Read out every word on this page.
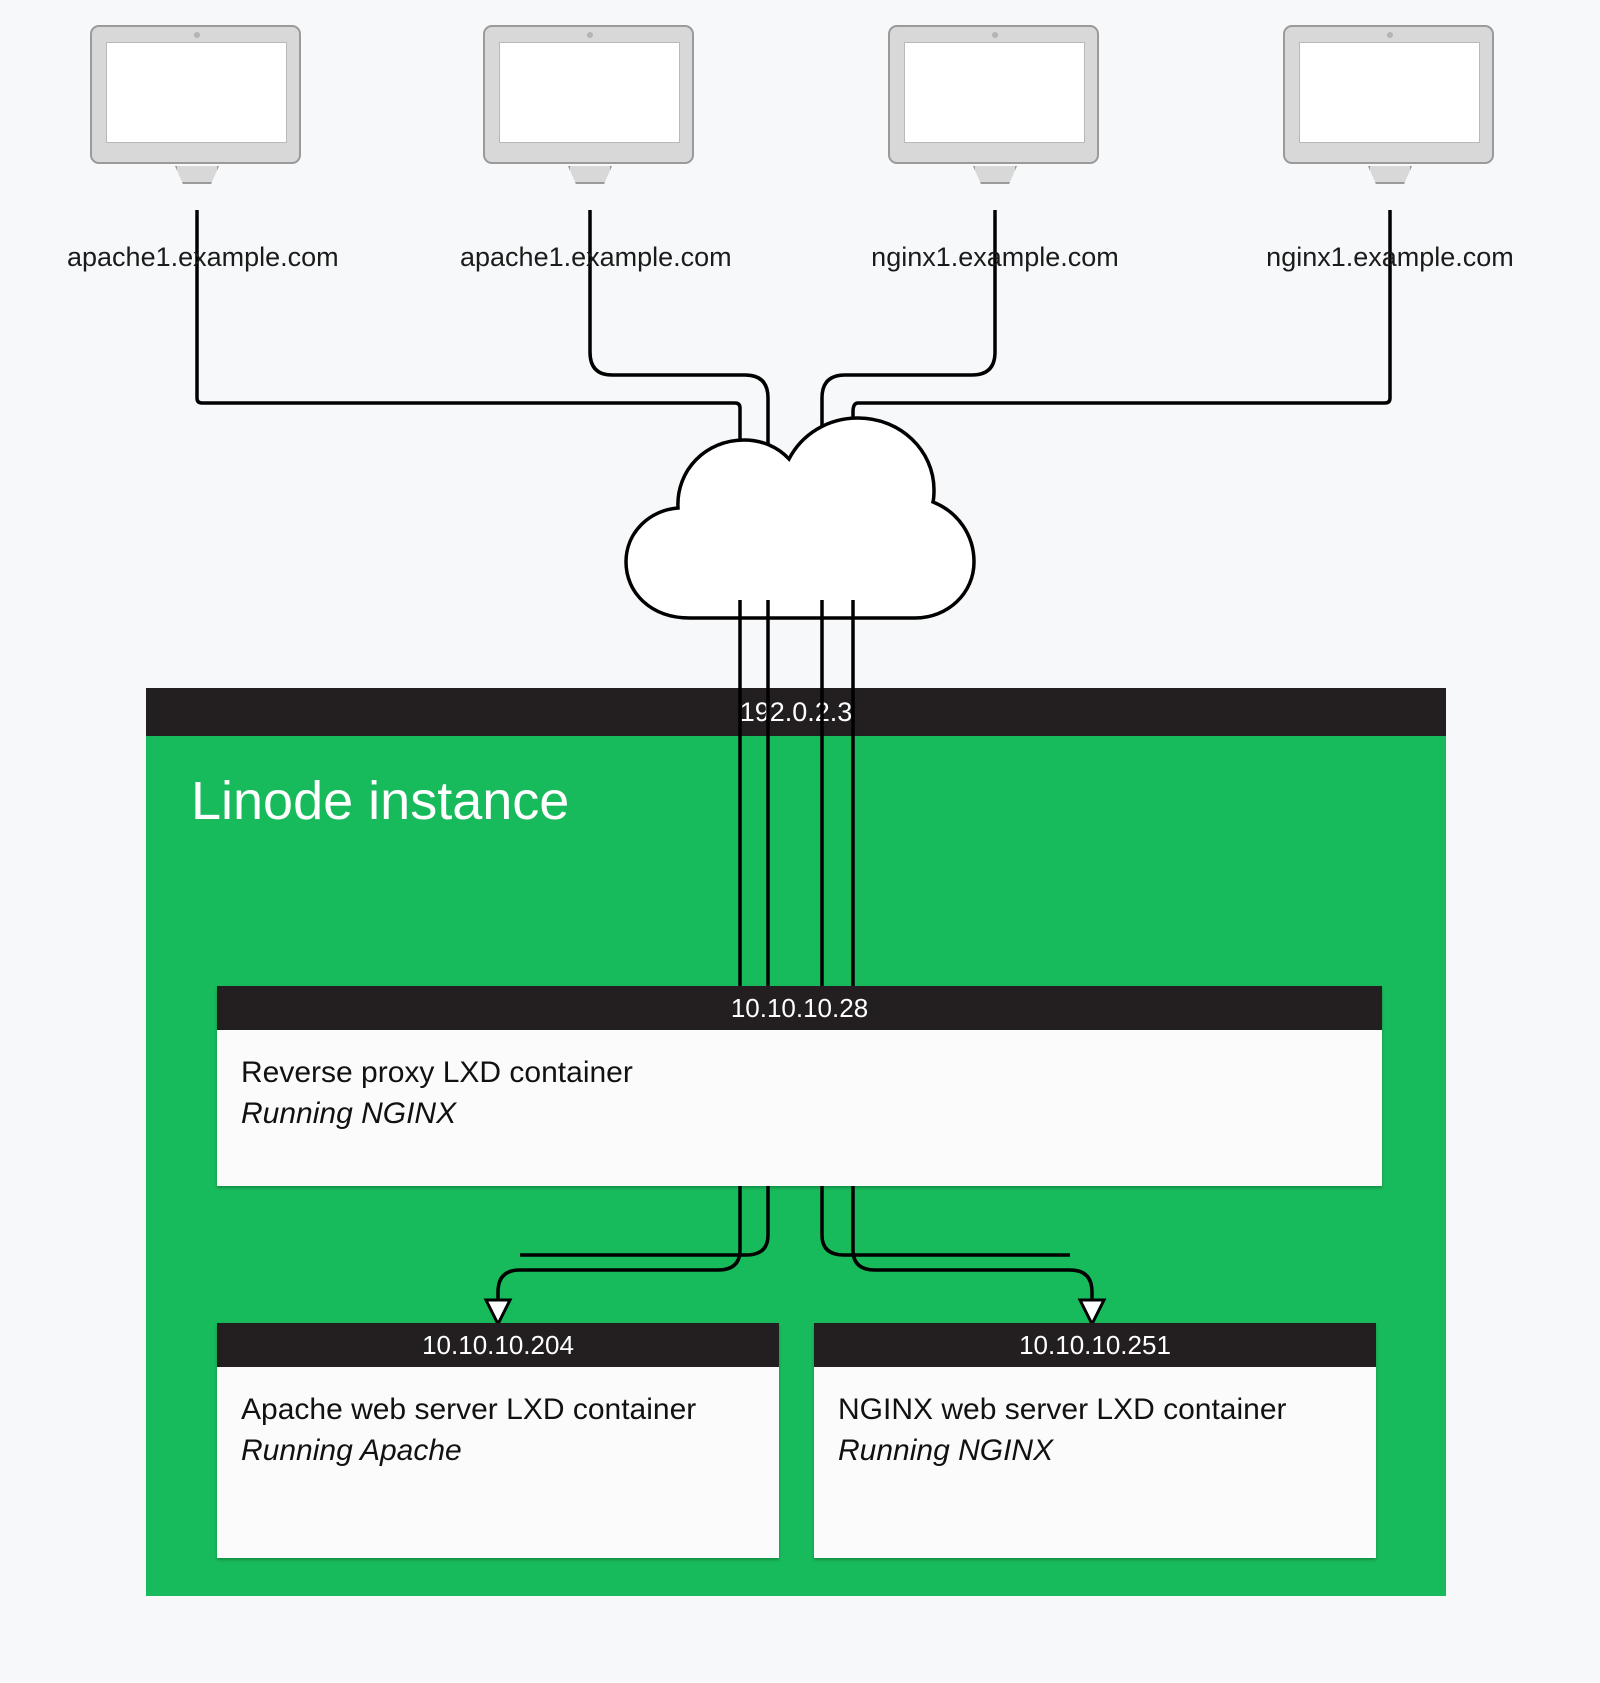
apache1.example.com	apache1.example.com	nginx1.example.com	nginx1.example.com
192.0.2.3
Linode instance
10.10.10.28
Reverse proxy LXD container
Running NGINX
10.10.10.204
Apache web server LXD container
Running Apache
10.10.10.251
NGINX web server LXD container
Running NGINX
